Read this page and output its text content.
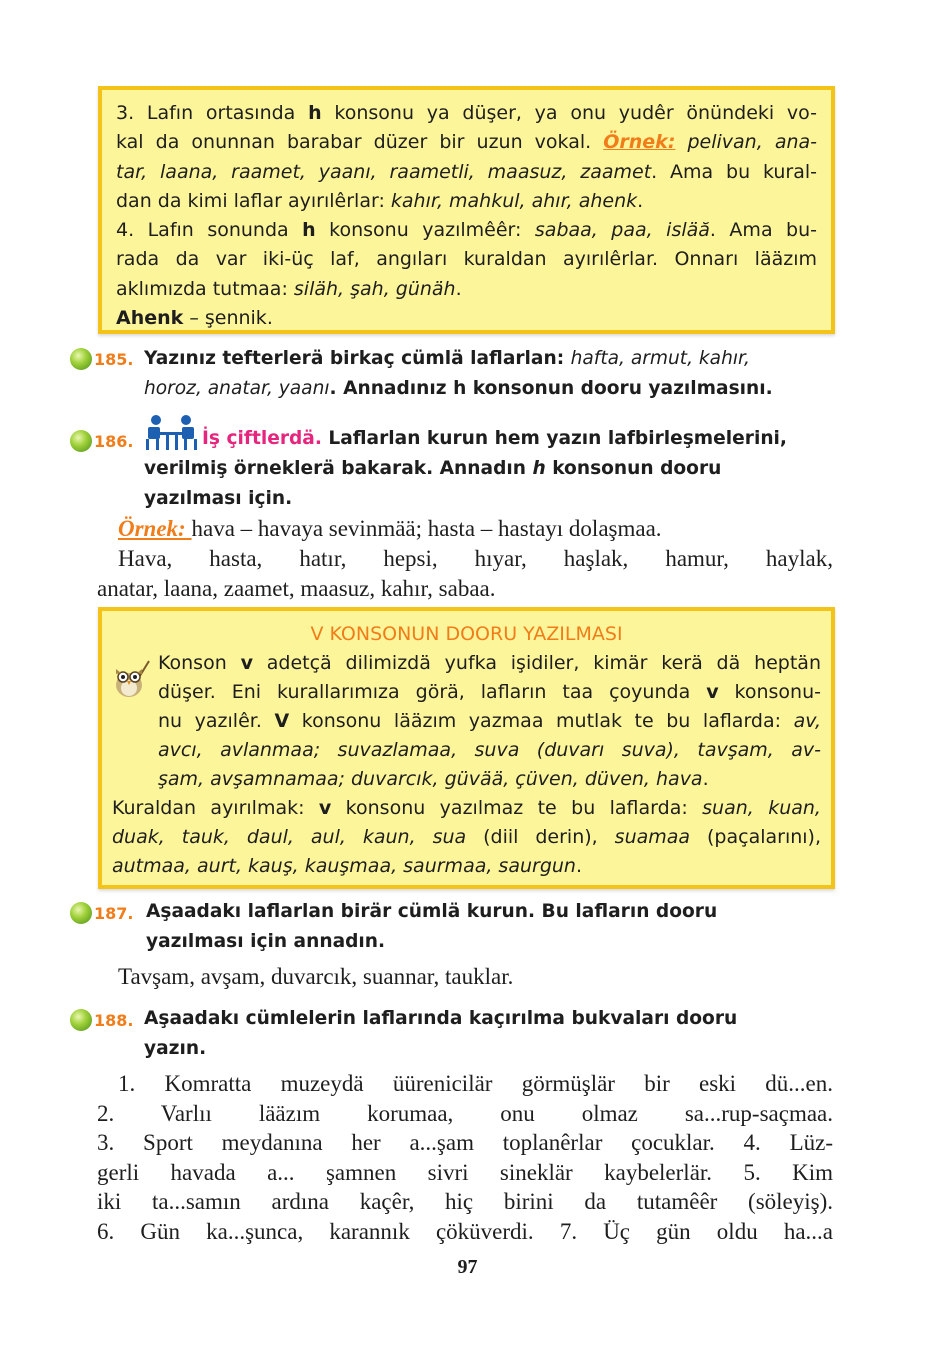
3. Lafın ortasında h konsonu ya düşer, ya onu yudêr önündeki vo-
kal da onunnan barabar düzer bir uzun vokal. Örnek: pelivan, ana-
tar, laana, raamet, yaanı, raametli, maasuz, zaamet. Ama bu kural-
dan da kimi laflar ayırılêrlar: kahır, mahkul, ahır, ahenk.
4. Lafın sonunda h konsonu yazılmêêr: sabaa, paa, isläă. Ama bu-
rada da var iki-üç laf, angıları kuraldan ayırılêrlar. Onnarı lääzım
aklımızda tutmaa: siläh, şah, günäh.
Ahenk – şennik.
185. Yazınız tefterlerä birkaç cümlä laflarlan: hafta, armut, kahır,
horoz, anatar, yaanı. Annadınız h konsonun dooru yazılmasını.
186.	İş çiftlerdä. Laflarlan kurun hem yazın lafbirleşmelerini,
verilmiş örneklerä bakarak. Annadın h konsonun dooru
yazılması için.
Örnek: hava – havaya sevinmää; hasta – hastayı dolaşmaa.
Hava, hasta, hatır, hepsi, hıyar, haşlak, hamur, haylak,
anatar, laana, zaamet, maasuz, kahır, sabaa.
V KONSONUN DOORU YAZILMASI
Konson v adetçä dilimizdä yufka işidiler, kimär kerä dä heptän
düşer. Eni kurallarımıza görä, lafların taa çoyunda v konsonu-
nu yazılêr. V konsonu lääzım yazmaa mutlak te bu laflarda: av,
avcı, avlanmaa; suvazlamaa, suva (duvarı suva), tavşam, av-
şam, avşamnamaa; duvarcık, güvää, çüven, düven, hava.
Kuraldan ayırılmak: v konsonu yazılmaz te bu laflarda: suan, kuan,
duak, tauk, daul, aul, kaun, sua (diil derin), suamaa (paçalarını),
autmaa, aurt, kauş, kauşmaa, saurmaa, saurgun.
187. Aşaadakı laflarlan birär cümlä kurun. Bu lafların dooru
yazılması için annadın.
Tavşam, avşam, duvarcık, suannar, tauklar.
188. Aşaadakı cümlelerin laflarında kaçırılma bukvaları dooru
yazın.
1. Komratta muzeydä üürenicilär görmüşlär bir eski dü...en.
2. Varlıı lääzım korumaa, onu olmaz sa...rup-saçmaa.
3. Sport meydanına her a...şam toplanêrlar çocuklar. 4. Lüz-
gerli havada a... şamnen sivri sineklär kaybelerlär. 5. Kim
iki ta...samın ardına kaçêr, hiç birini da tutamêêr (söleyiş).
6. Gün ka...şunca, karannık çöküverdi. 7. Üç gün oldu ha...a
97
